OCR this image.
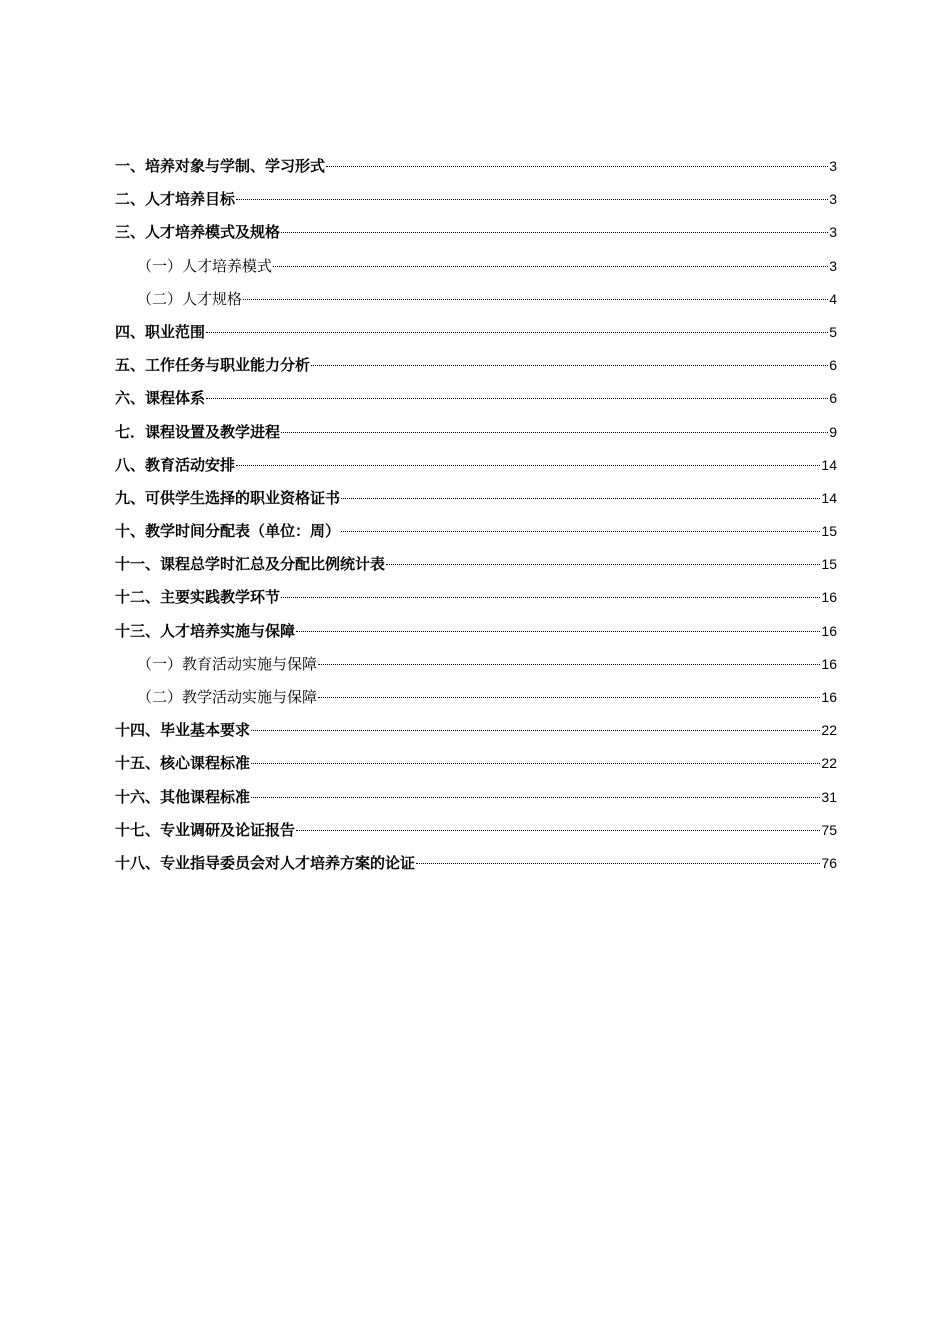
一、培养对象与学制、学习形式	3
二、人才培养目标	3
三、人才培养模式及规格	3
（一）人才培养模式	3
（二）人才规格	4
四、职业范围	5
五、工作任务与职业能力分析	6
六、课程体系	6
七．课程设置及教学进程	9
八、教育活动安排	14
九、可供学生选择的职业资格证书	14
十、教学时间分配表（单位：周）	15
十一、课程总学时汇总及分配比例统计表	15
十二、主要实践教学环节	16
十三、人才培养实施与保障	16
（一）教育活动实施与保障	16
（二）教学活动实施与保障	16
十四、毕业基本要求	22
十五、核心课程标准	22
十六、其他课程标准	31
十七、专业调研及论证报告	75
十八、专业指导委员会对人才培养方案的论证	76
